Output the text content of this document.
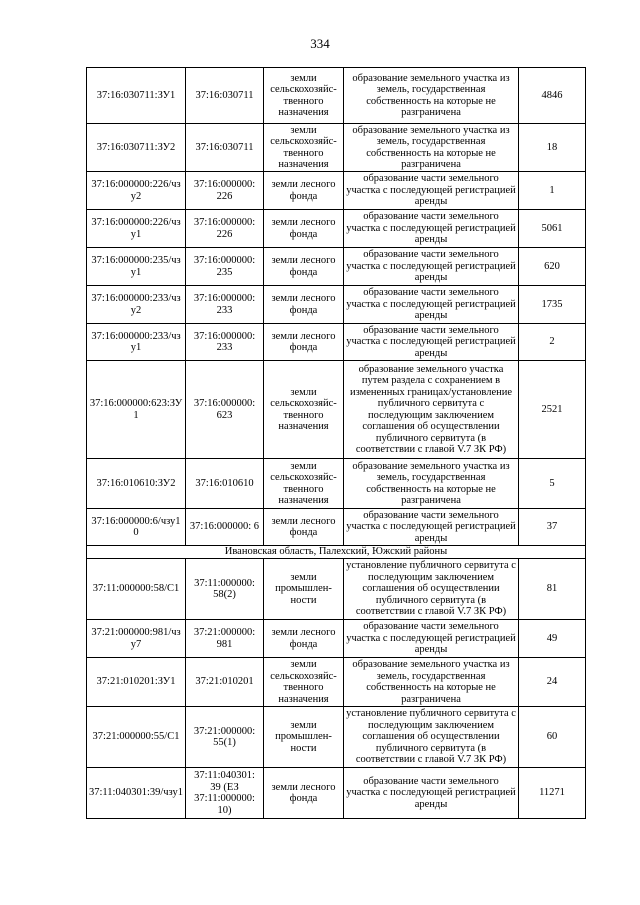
334
37:16:030711:ЗУ1	37:16:030711	земли сельскохозяйс-твенного назначения	образование земельного участка из земель, государственная собственность на которые не разграничена	4846
37:16:030711:ЗУ2	37:16:030711	земли сельскохозяйс-твенного назначения	образование земельного участка из земель, государственная собственность на которые не разграничена	18
37:16:000000:226/чзу2	37:16:000000: 226	земли лесного фонда	образование части земельного участка с последующей регистрацией аренды	1
37:16:000000:226/чзу1	37:16:000000: 226	земли лесного фонда	образование части земельного участка с последующей регистрацией аренды	5061
37:16:000000:235/чзу1	37:16:000000: 235	земли лесного фонда	образование части земельного участка с последующей регистрацией аренды	620
37:16:000000:233/чзу2	37:16:000000: 233	земли лесного фонда	образование части земельного участка с последующей регистрацией аренды	1735
37:16:000000:233/чзу1	37:16:000000: 233	земли лесного фонда	образование части земельного участка с последующей регистрацией аренды	2
37:16:000000:623:ЗУ1	37:16:000000: 623	земли сельскохозяйс-твенного назначения	образование земельного участка путем раздела с сохранением в измененных границах/установление публичного сервитута с последующим заключением соглашения об осуществлении публичного сервитута (в соответствии с главой V.7 ЗК РФ)	2521
37:16:010610:ЗУ2	37:16:010610	земли сельскохозяйс-твенного назначения	образование земельного участка из земель, государственная собственность на которые не разграничена	5
37:16:000000:6/чзу10	37:16:000000: 6	земли лесного фонда	образование части земельного участка с последующей регистрацией аренды	37
Ивановская область, Палехский, Южский районы				
37:11:000000:58/С1	37:11:000000: 58(2)	земли промышлен-ности	установление публичного сервитута с последующим заключением соглашения об осуществлении публичного сервитута (в соответствии с главой V.7 ЗК РФ)	81
37:21:000000:981/чзу7	37:21:000000: 981	земли лесного фонда	образование части земельного участка с последующей регистрацией аренды	49
37:21:010201:ЗУ1	37:21:010201	земли сельскохозяйс-твенного назначения	образование земельного участка из земель, государственная собственность на которые не разграничена	24
37:21:000000:55/С1	37:21:000000: 55(1)	земли промышлен-ности	установление публичного сервитута с последующим заключением соглашения об осуществлении публичного сервитута (в соответствии с главой V.7 ЗК РФ)	60
37:11:040301:39/чзу1	37:11:040301: 39 (ЕЗ 37:11:000000: 10)	земли лесного фонда	образование части земельного участка с последующей регистрацией аренды	11271
